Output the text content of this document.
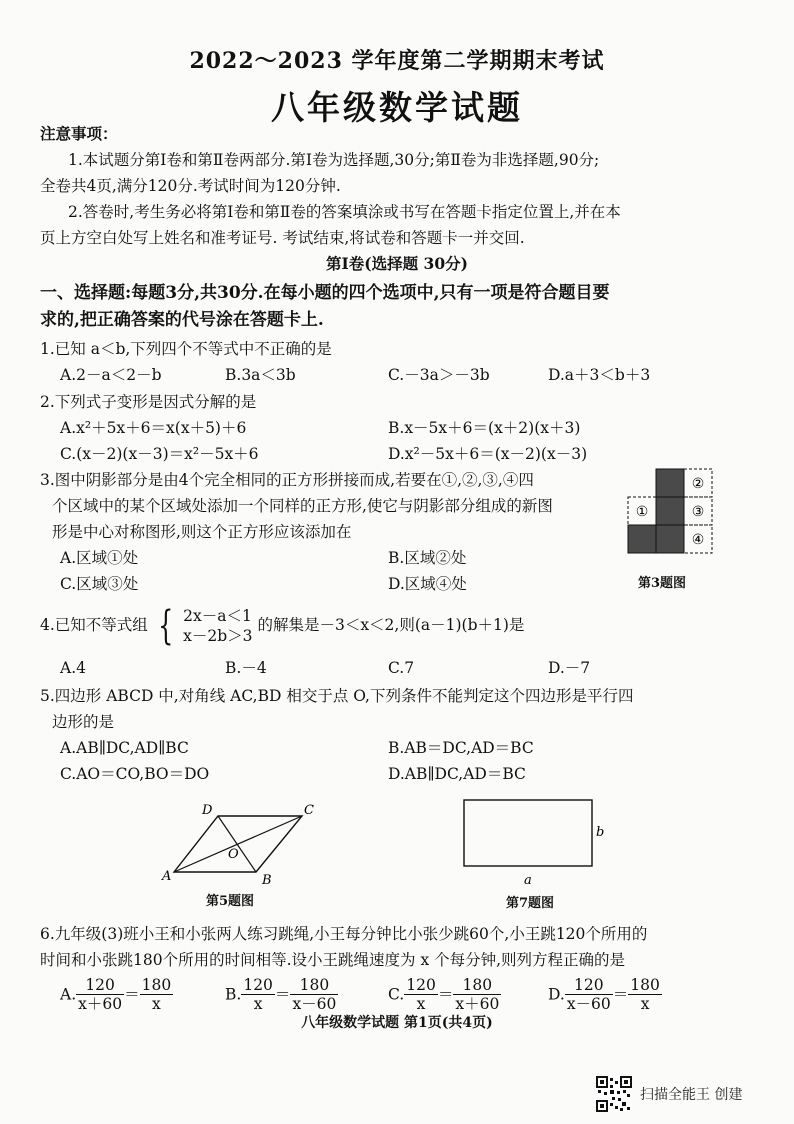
2022～2023 学年度第二学期期末考试
八年级数学试题
注意事项：
1.本试题分第Ⅰ卷和第Ⅱ卷两部分.第Ⅰ卷为选择题,30分;第Ⅱ卷为非选择题,90分;
全卷共4页,满分120分.考试时间为120分钟.
2.答卷时,考生务必将第Ⅰ卷和第Ⅱ卷的答案填涂或书写在答题卡指定位置上,并在本
页上方空白处写上姓名和准考证号. 考试结束,将试卷和答题卡一并交回.
第Ⅰ卷(选择题 30分)
一、选择题:每题3分,共30分.在每小题的四个选项中,只有一项是符合题目要
求的,把正确答案的代号涂在答题卡上.
1.已知 a＜b,下列四个不等式中不正确的是
A.2－a＜2－b	B.3a＜3b	C.－3a＞－3b	D.a＋3＜b＋3
2.下列式子变形是因式分解的是
A.x²＋5x＋6＝x(x＋5)＋6	B.x－5x＋6＝(x＋2)(x＋3)
C.(x－2)(x－3)＝x²－5x＋6	D.x²－5x＋6＝(x－2)(x－3)
3.图中阴影部分是由4个完全相同的正方形拼接而成,若要在①,②,③,④四
个区域中的某个区域处添加一个同样的正方形,使它与阴影部分组成的新图
形是中心对称图形,则这个正方形应该添加在
A.区域①处	B.区域②处
C.区域③处	D.区域④处
①
②
③
④
第3题图
4.已知不等式组 { 2x－a＜1
x－2b＞3
的解集是－3＜x＜2,则(a－1)(b＋1)是
A.4	B.－4	C.7	D.－7
5.四边形 ABCD 中,对角线 AC,BD 相交于点 O,下列条件不能判定这个四边形是平行四
边形的是
A.AB∥DC,AD∥BC	B.AB＝DC,AD＝BC
C.AO＝CO,BO＝DO	D.AB∥DC,AD＝BC
A	B
C
D
O
第5题图
b
a
第7题图
6.九年级(3)班小王和小张两人练习跳绳,小王每分钟比小张少跳60个,小王跳120个所用的
时间和小张跳180个所用的时间相等.设小王跳绳速度为 x 个每分钟,则列方程正确的是
A. $\frac{120}{x+60} = \frac{180}{x}$	B. $\frac{120}{x} = \frac{180}{x-60}$	C. $\frac{120}{x} = \frac{180}{x+60}$	D. $\frac{120}{x-60} = \frac{180}{x}$
八年级数学试题 第1页(共4页)
扫描全能王 创建
